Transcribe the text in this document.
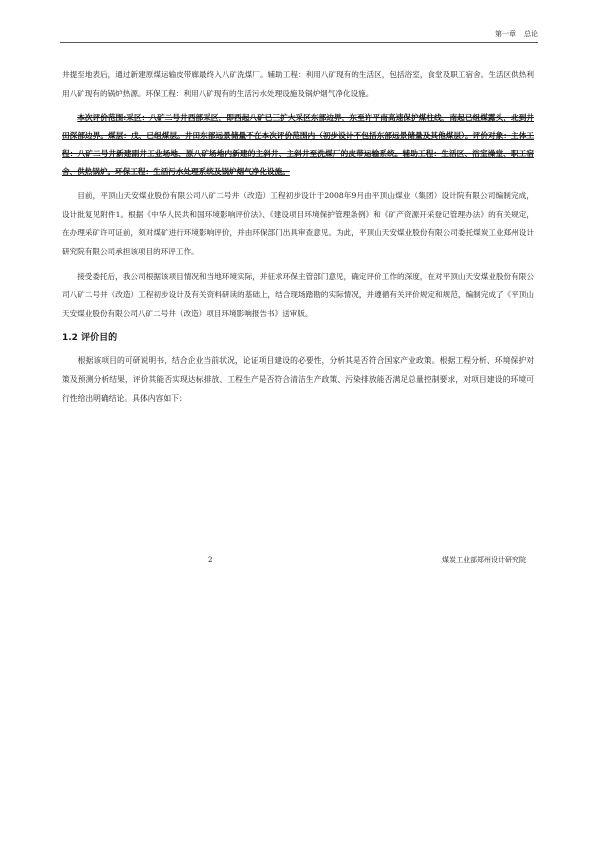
第一章 总论

井提至地表后，通过新建原煤运输皮带廊最终入八矿洗煤厂。辅助工程：利用八矿现有的生活区，包括浴室，食堂及职工宿舍。生活区供热利用八矿现有的锅炉热源。环保工程：利用八矿现有的生活污水处理设施及锅炉烟气净化设施。

本次评价范围:采区：八矿二号井西部采区，即西起八矿已三扩大采区东部边界，东至许平南高速保护煤柱线，南起已组煤露头，北到井田深部边界。煤层：戊、已组煤层。井田东部远景储量不在本次评价范围内（初步设计不包括东部远景储量及其他煤层）。评价对象：主体工程：八矿二号井新建副井工业场地、原八矿场地内新建的主斜井、主斜井至洗煤厂的皮带运输系统。辅助工程：生活区、浴室澡堂、职工宿舍、供热锅炉。环保工程：生活污水处理系统及锅炉烟气净化设施。

目前，平顶山天安煤业股份有限公司八矿二号井（改造）工程初步设计于2008年9月由平顶山煤业（集团）设计院有限公司编制完成，设计批复见附件1。根据《中华人民共和国环境影响评价法》、《建设项目环境保护管理条例》和《矿产资源开采登记管理办法》的有关规定，在办理采矿许可证前，须对煤矿进行环境影响评价，并由环保部门出具审查意见。为此，平顶山天安煤业股份有限公司委托煤炭工业郑州设计研究院有限公司承担该项目的环评工作。

接受委托后，我公司根据该项目情况和当地环境实际，并征求环保主管部门意见，确定评价工作的深度，在对平顶山天安煤业股份有限公司八矿二号井（改造）工程初步设计及有关资料研读的基础上，结合现场踏勘的实际情况，并遵循有关评价规定和规范，编制完成了《平顶山天安煤业股份有限公司八矿二号井（改造）项目环境影响报告书》送审版。

1.2 评价目的

根据该项目的可研说明书，结合企业当前状况，论证项目建设的必要性，分析其是否符合国家产业政策。根据工程分析、环境保护对策及预测分析结果，评价其能否实现达标排放、工程生产是否符合清洁生产政策、污染排放能否满足总量控制要求，对项目建设的环境可行性给出明确结论。具体内容如下：

2	煤炭工业部郑州设计研究院
